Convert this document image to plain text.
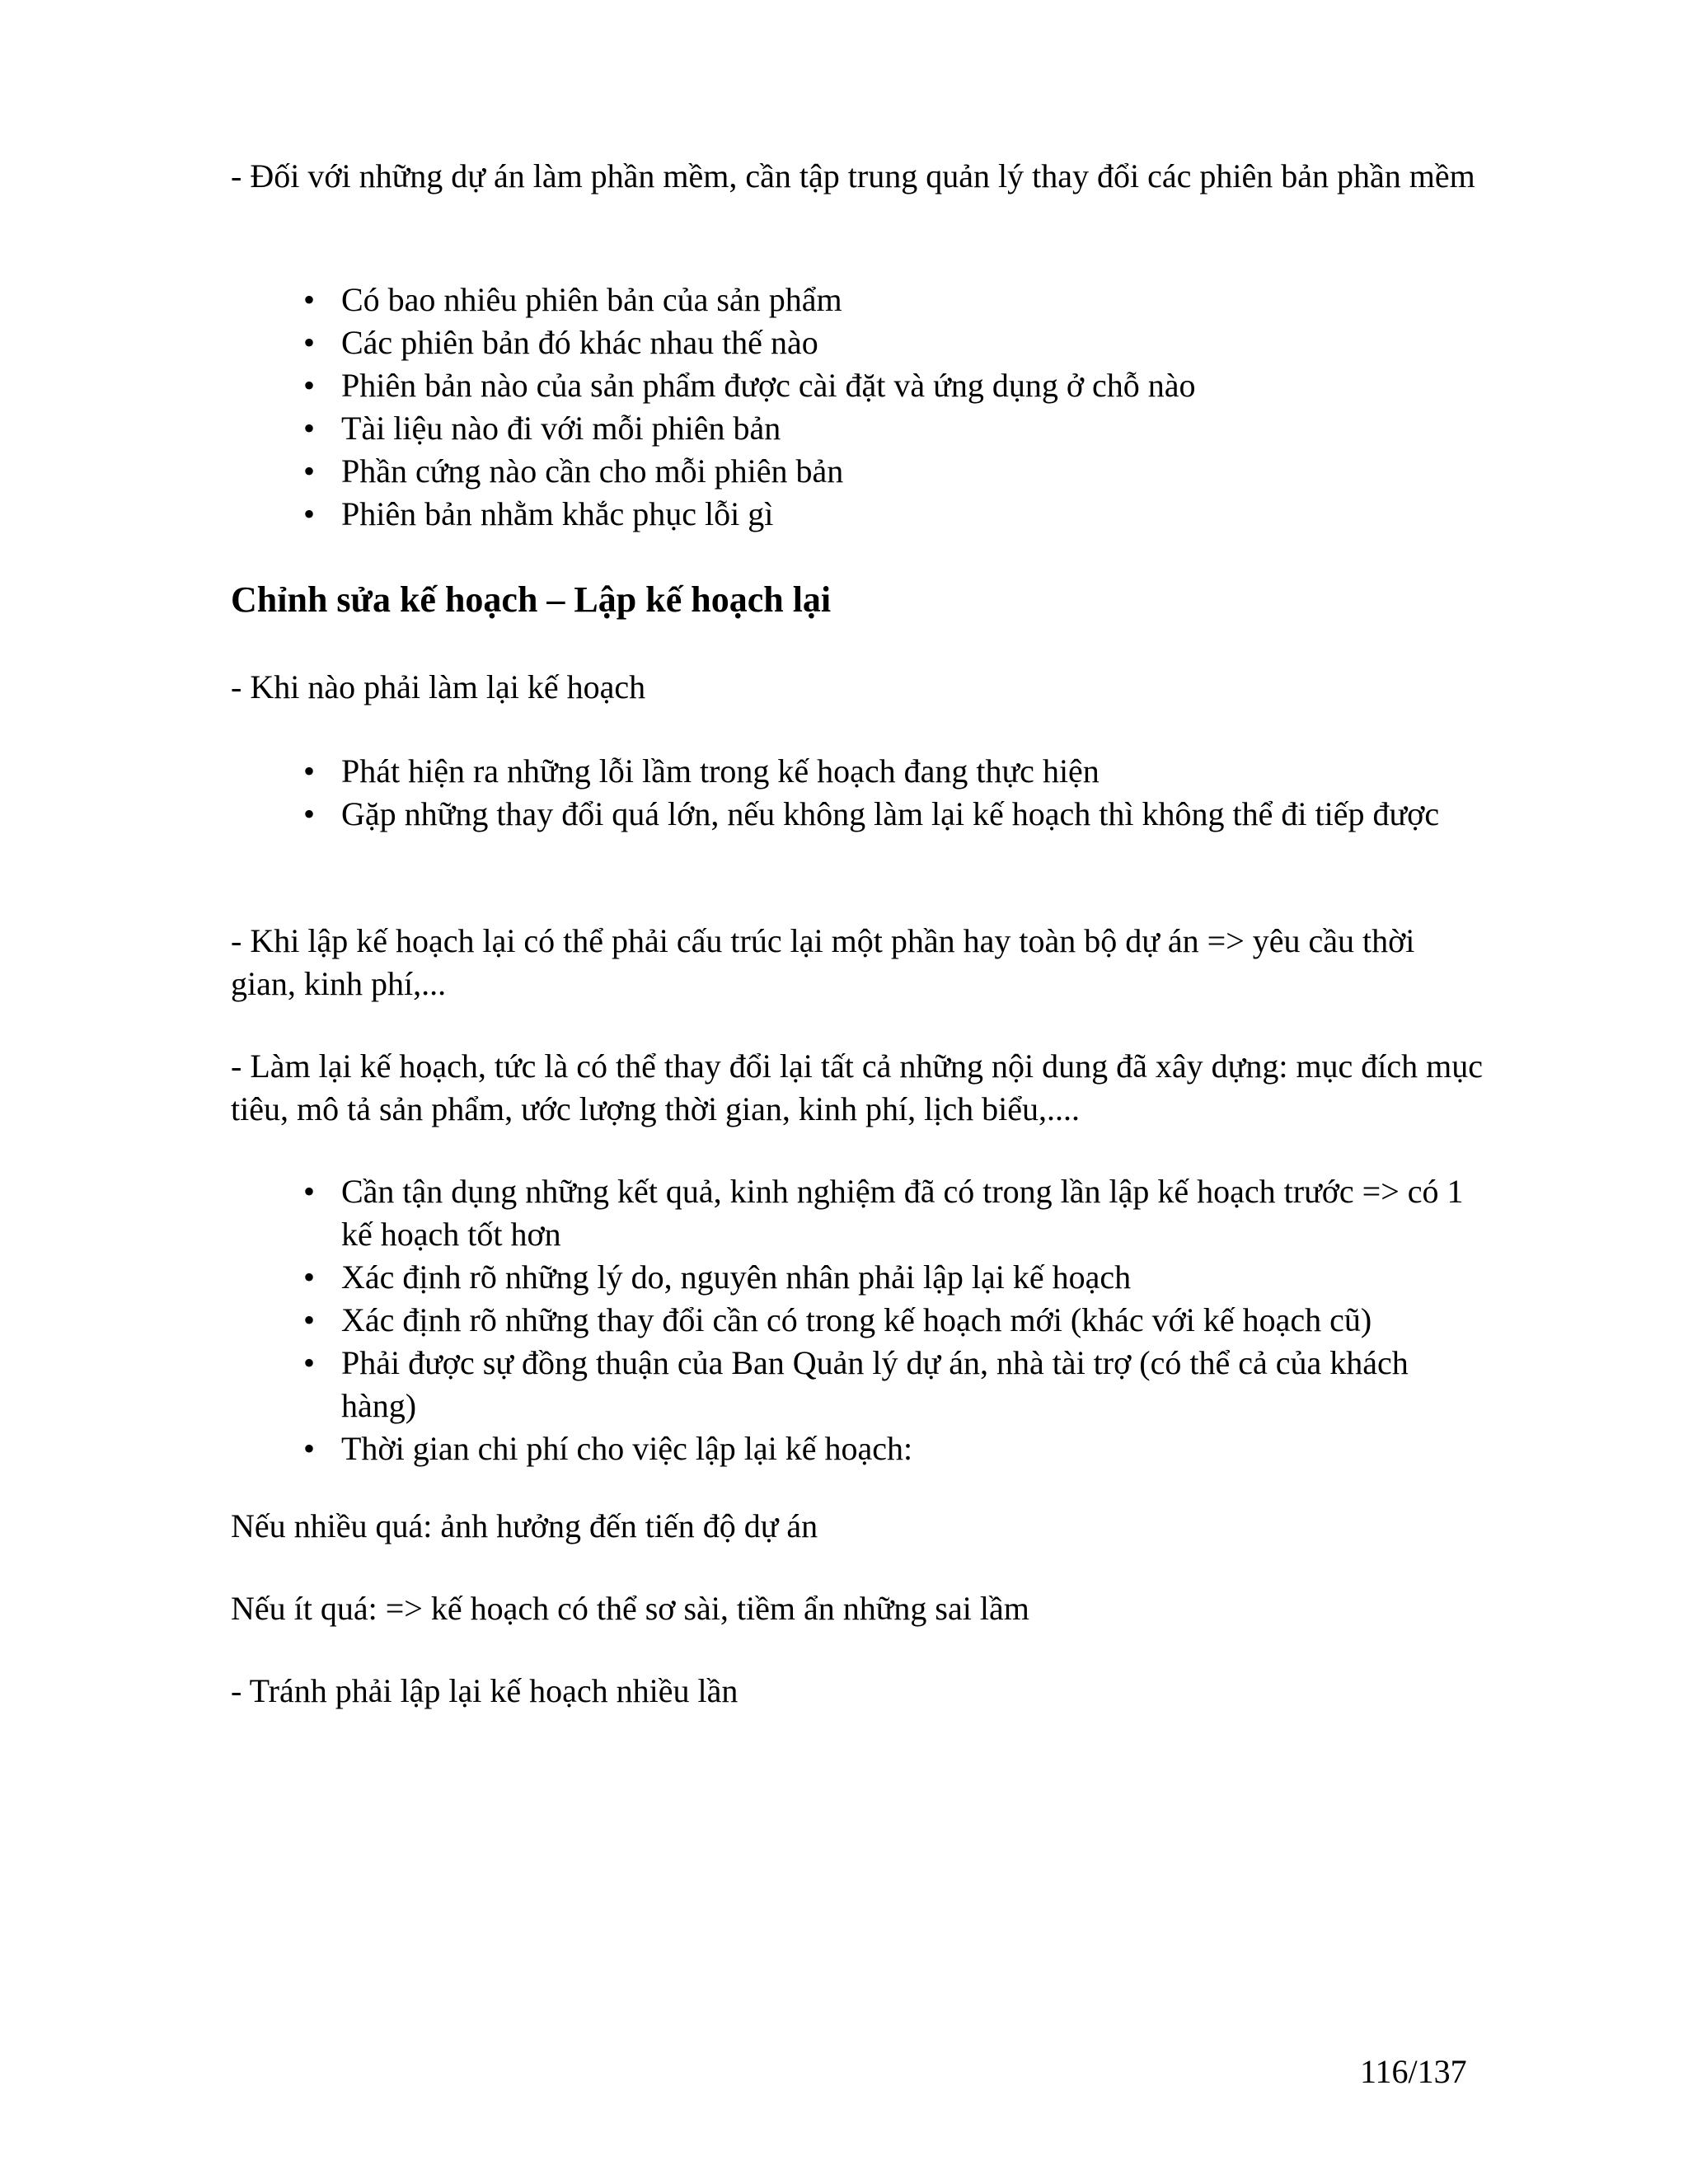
- Đối với những dự án làm phần mềm, cần tập trung quản lý thay đổi các phiên bản phần mềm

• Có bao nhiêu phiên bản của sản phẩm
• Các phiên bản đó khác nhau thế nào
• Phiên bản nào của sản phẩm được cài đặt và ứng dụng ở chỗ nào
• Tài liệu nào đi với mỗi phiên bản
• Phần cứng nào cần cho mỗi phiên bản
• Phiên bản nhằm khắc phục lỗi gì
Chỉnh sửa kế hoạch – Lập kế hoạch lại

- Khi nào phải làm lại kế hoạch

• Phát hiện ra những lỗi lầm trong kế hoạch đang thực hiện
• Gặp những thay đổi quá lớn, nếu không làm lại kế hoạch thì không thể đi tiếp được

- Khi lập kế hoạch lại có thể phải cấu trúc lại một phần hay toàn bộ dự án => yêu cầu thời gian, kinh phí,...

- Làm lại kế hoạch, tức là có thể thay đổi lại tất cả những nội dung đã xây dựng: mục đích mục tiêu, mô tả sản phẩm, ước lượng thời gian, kinh phí, lịch biểu,....

• Cần tận dụng những kết quả, kinh nghiệm đã có trong lần lập kế hoạch trước => có 1 kế hoạch tốt hơn
• Xác định rõ những lý do, nguyên nhân phải lập lại kế hoạch
• Xác định rõ những thay đổi cần có trong kế hoạch mới (khác với kế hoạch cũ)
• Phải được sự đồng thuận của Ban Quản lý dự án, nhà tài trợ (có thể cả của khách hàng)
• Thời gian chi phí cho việc lập lại kế hoạch:

Nếu nhiều quá: ảnh hưởng đến tiến độ dự án

Nếu ít quá: => kế hoạch có thể sơ sài, tiềm ẩn những sai lầm

- Tránh phải lập lại kế hoạch nhiều lần

116/137
